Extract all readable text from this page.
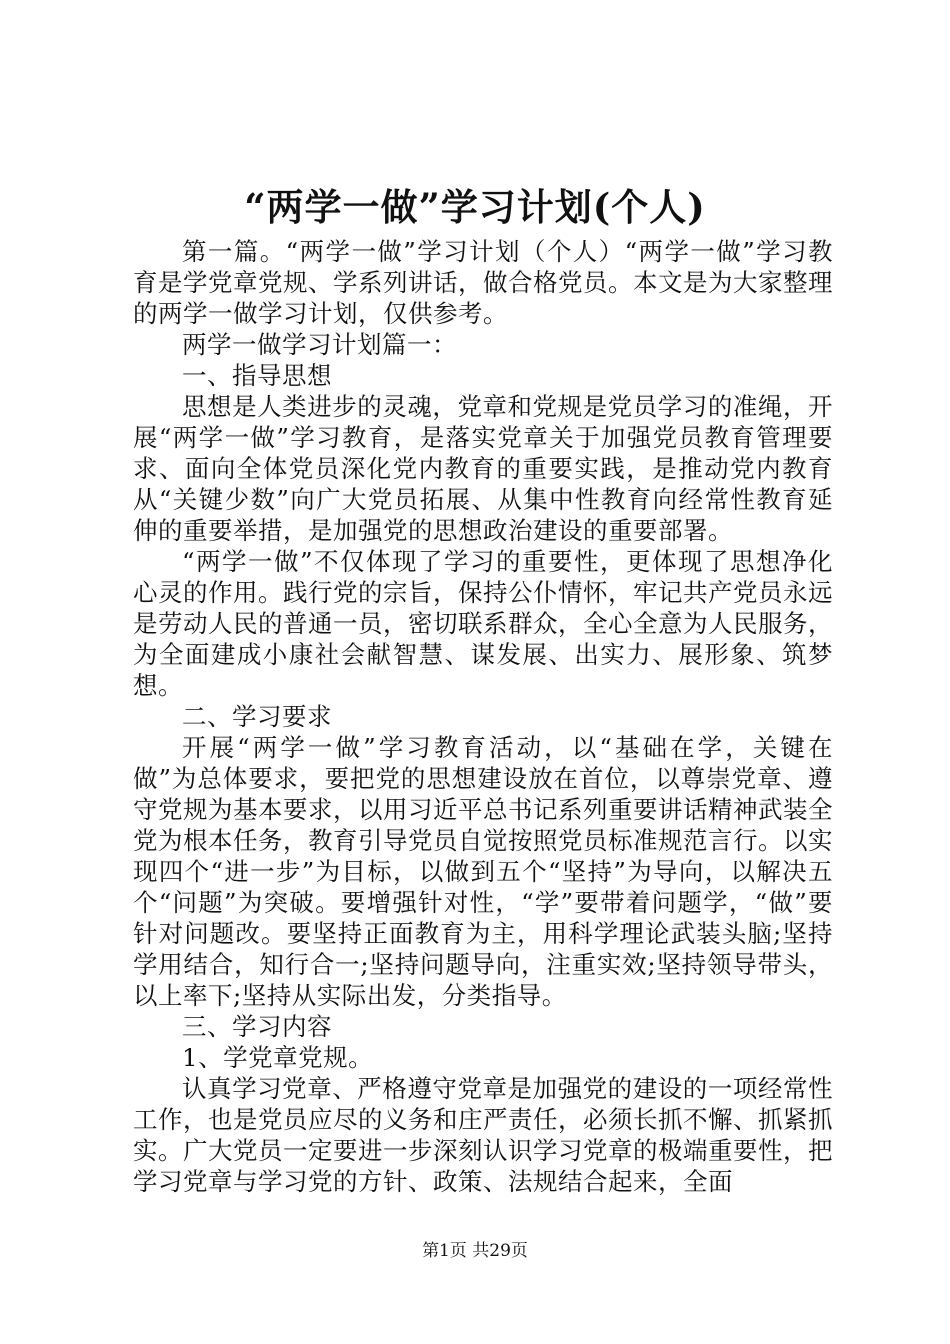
“两学一做”学习计划(个人)

第一篇。“两学一做”学习计划（个人）“两学一做”学习教育是学党章党规、学系列讲话，做合格党员。本文是为大家整理的两学一做学习计划，仅供参考。

两学一做学习计划篇一：

一、指导思想

思想是人类进步的灵魂，党章和党规是党员学习的准绳，开展“两学一做”学习教育，是落实党章关于加强党员教育管理要求、面向全体党员深化党内教育的重要实践，是推动党内教育从“关键少数”向广大党员拓展、从集中性教育向经常性教育延伸的重要举措，是加强党的思想政治建设的重要部署。

“两学一做”不仅体现了学习的重要性，更体现了思想净化心灵的作用。践行党的宗旨，保持公仆情怀，牢记共产党员永远是劳动人民的普通一员，密切联系群众，全心全意为人民服务，为全面建成小康社会献智慧、谋发展、出实力、展形象、筑梦想。

二、学习要求

开展“两学一做”学习教育活动，以“基础在学，关键在做”为总体要求，要把党的思想建设放在首位，以尊崇党章、遵守党规为基本要求，以用习近平总书记系列重要讲话精神武装全党为根本任务，教育引导党员自觉按照党员标准规范言行。以实现四个“进一步”为目标，以做到五个“坚持”为导向，以解决五个“问题”为突破。要增强针对性，“学”要带着问题学，“做”要针对问题改。要坚持正面教育为主，用科学理论武装头脑;坚持学用结合，知行合一;坚持问题导向，注重实效;坚持领导带头，以上率下;坚持从实际出发，分类指导。

三、学习内容

1、学党章党规。

认真学习党章、严格遵守党章是加强党的建设的一项经常性工作，也是党员应尽的义务和庄严责任，必须长抓不懈、抓紧抓实。广大党员一定要进一步深刻认识学习党章的极端重要性，把学习党章与学习党的方针、政策、法规结合起来，全面

第1页 共29页
